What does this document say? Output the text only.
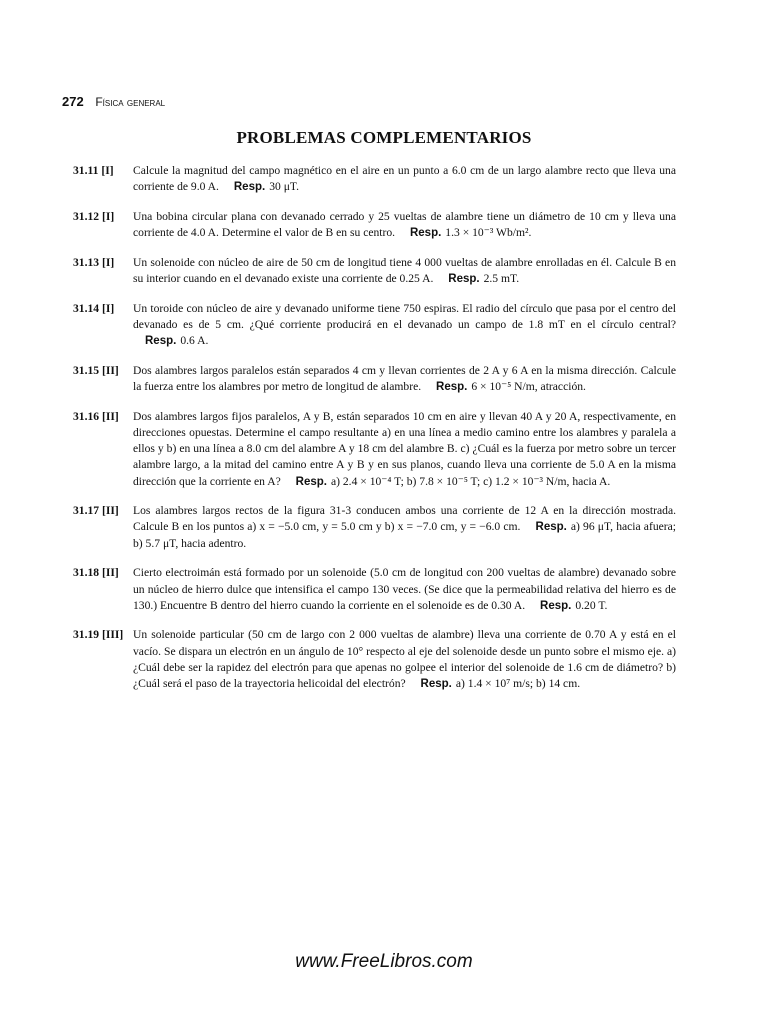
272 Física general
PROBLEMAS COMPLEMENTARIOS
31.11 [I]	Calcule la magnitud del campo magnético en el aire en un punto a 6.0 cm de un largo alambre recto que lleva una corriente de 9.0 A. Resp. 30 μT.
31.12 [I]	Una bobina circular plana con devanado cerrado y 25 vueltas de alambre tiene un diámetro de 10 cm y lleva una corriente de 4.0 A. Determine el valor de B en su centro. Resp. 1.3 × 10⁻³ Wb/m².
31.13 [I]	Un solenoide con núcleo de aire de 50 cm de longitud tiene 4 000 vueltas de alambre enrolladas en él. Calcule B en su interior cuando en el devanado existe una corriente de 0.25 A. Resp. 2.5 mT.
31.14 [I]	Un toroide con núcleo de aire y devanado uniforme tiene 750 espiras. El radio del círculo que pasa por el centro del devanado es de 5 cm. ¿Qué corriente producirá en el devanado un campo de 1.8 mT en el círculo central? Resp. 0.6 A.
31.15 [II]	Dos alambres largos paralelos están separados 4 cm y llevan corrientes de 2 A y 6 A en la misma dirección. Calcule la fuerza entre los alambres por metro de longitud de alambre. Resp. 6 × 10⁻⁵ N/m, atracción.
31.16 [II]	Dos alambres largos fijos paralelos, A y B, están separados 10 cm en aire y llevan 40 A y 20 A, respectivamente, en direcciones opuestas. Determine el campo resultante a) en una línea a medio camino entre los alambres y paralela a ellos y b) en una línea a 8.0 cm del alambre A y 18 cm del alambre B. c) ¿Cuál es la fuerza por metro sobre un tercer alambre largo, a la mitad del camino entre A y B y en sus planos, cuando lleva una corriente de 5.0 A en la misma dirección que la corriente en A? Resp. a) 2.4 × 10⁻⁴ T; b) 7.8 × 10⁻⁵ T; c) 1.2 × 10⁻³ N/m, hacia A.
31.17 [II]	Los alambres largos rectos de la figura 31-3 conducen ambos una corriente de 12 A en la dirección mostrada. Calcule B en los puntos a) x = −5.0 cm, y = 5.0 cm y b) x = −7.0 cm, y = −6.0 cm. Resp. a) 96 μT, hacia afuera; b) 5.7 μT, hacia adentro.
31.18 [II]	Cierto electroimán está formado por un solenoide (5.0 cm de longitud con 200 vueltas de alambre) devanado sobre un núcleo de hierro dulce que intensifica el campo 130 veces. (Se dice que la permeabilidad relativa del hierro es de 130.) Encuentre B dentro del hierro cuando la corriente en el solenoide es de 0.30 A. Resp. 0.20 T.
31.19 [III] Un solenoide particular (50 cm de largo con 2 000 vueltas de alambre) lleva una corriente de 0.70 A y está en el vacío. Se dispara un electrón en un ángulo de 10° respecto al eje del solenoide desde un punto sobre el mismo eje. a) ¿Cuál debe ser la rapidez del electrón para que apenas no golpee el interior del solenoide de 1.6 cm de diámetro? b) ¿Cuál será el paso de la trayectoria helicoidal del electrón? Resp. a) 1.4 × 10⁷ m/s; b) 14 cm.
www.FreeLibros.com
